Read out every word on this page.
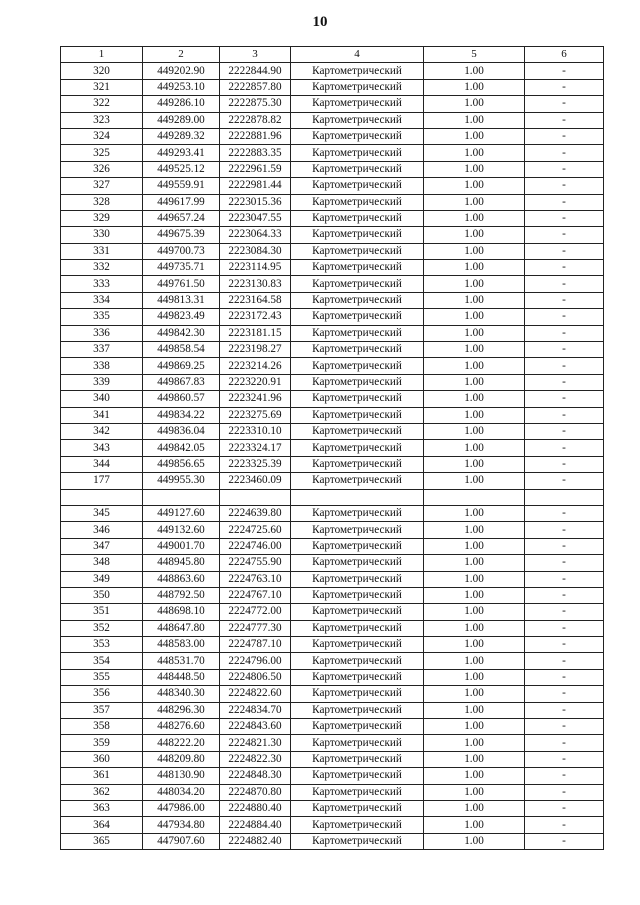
10
1	2	3	4	5	6
320	449202.90	2222844.90	Картометрический	1.00	-
321	449253.10	2222857.80	Картометрический	1.00	-
322	449286.10	2222875.30	Картометрический	1.00	-
323	449289.00	2222878.82	Картометрический	1.00	-
324	449289.32	2222881.96	Картометрический	1.00	-
325	449293.41	2222883.35	Картометрический	1.00	-
326	449525.12	2222961.59	Картометрический	1.00	-
327	449559.91	2222981.44	Картометрический	1.00	-
328	449617.99	2223015.36	Картометрический	1.00	-
329	449657.24	2223047.55	Картометрический	1.00	-
330	449675.39	2223064.33	Картометрический	1.00	-
331	449700.73	2223084.30	Картометрический	1.00	-
332	449735.71	2223114.95	Картометрический	1.00	-
333	449761.50	2223130.83	Картометрический	1.00	-
334	449813.31	2223164.58	Картометрический	1.00	-
335	449823.49	2223172.43	Картометрический	1.00	-
336	449842.30	2223181.15	Картометрический	1.00	-
337	449858.54	2223198.27	Картометрический	1.00	-
338	449869.25	2223214.26	Картометрический	1.00	-
339	449867.83	2223220.91	Картометрический	1.00	-
340	449860.57	2223241.96	Картометрический	1.00	-
341	449834.22	2223275.69	Картометрический	1.00	-
342	449836.04	2223310.10	Картометрический	1.00	-
343	449842.05	2223324.17	Картометрический	1.00	-
344	449856.65	2223325.39	Картометрический	1.00	-
177	449955.30	2223460.09	Картометрический	1.00	-

345	449127.60	2224639.80	Картометрический	1.00	-
346	449132.60	2224725.60	Картометрический	1.00	-
347	449001.70	2224746.00	Картометрический	1.00	-
348	448945.80	2224755.90	Картометрический	1.00	-
349	448863.60	2224763.10	Картометрический	1.00	-
350	448792.50	2224767.10	Картометрический	1.00	-
351	448698.10	2224772.00	Картометрический	1.00	-
352	448647.80	2224777.30	Картометрический	1.00	-
353	448583.00	2224787.10	Картометрический	1.00	-
354	448531.70	2224796.00	Картометрический	1.00	-
355	448448.50	2224806.50	Картометрический	1.00	-
356	448340.30	2224822.60	Картометрический	1.00	-
357	448296.30	2224834.70	Картометрический	1.00	-
358	448276.60	2224843.60	Картометрический	1.00	-
359	448222.20	2224821.30	Картометрический	1.00	-
360	448209.80	2224822.30	Картометрический	1.00	-
361	448130.90	2224848.30	Картометрический	1.00	-
362	448034.20	2224870.80	Картометрический	1.00	-
363	447986.00	2224880.40	Картометрический	1.00	-
364	447934.80	2224884.40	Картометрический	1.00	-
365	447907.60	2224882.40	Картометрический	1.00	-
